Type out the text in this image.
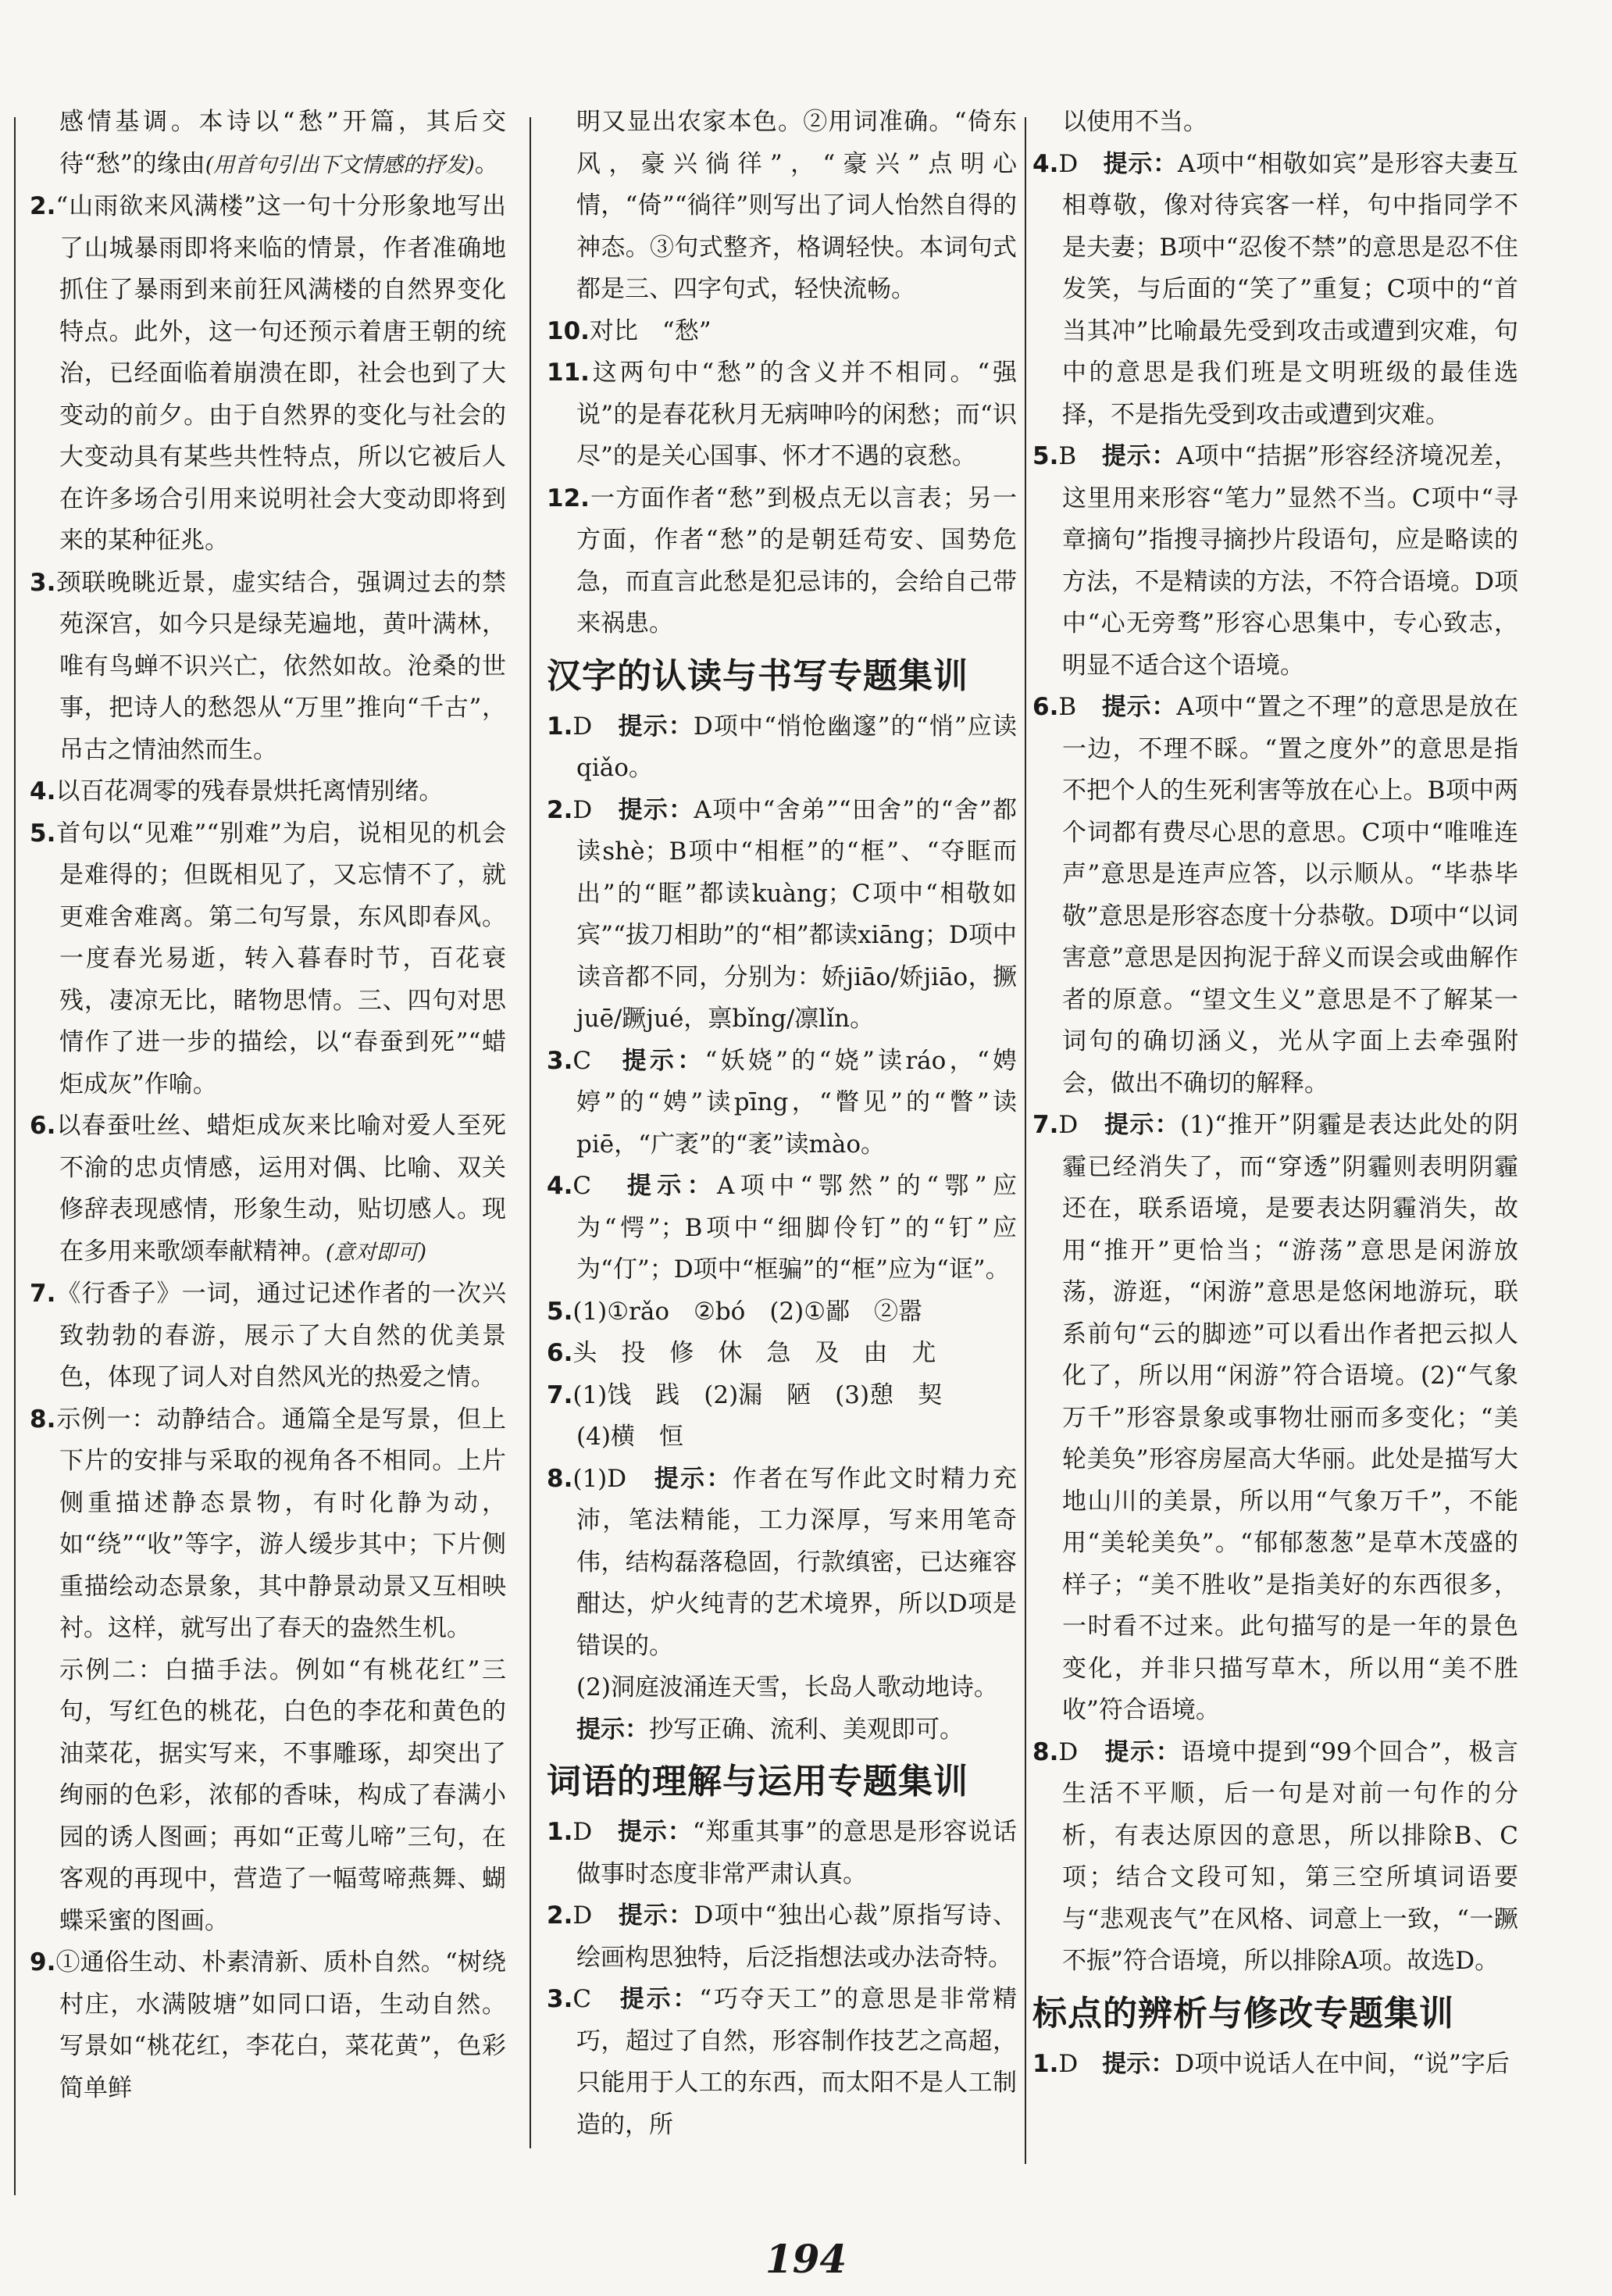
感情基调。本诗以“愁”开篇，其后交待“愁”的缘由(用首句引出下文情感的抒发)。

2.“山雨欲来风满楼”这一句十分形象地写出了山城暴雨即将来临的情景，作者准确地抓住了暴雨到来前狂风满楼的自然界变化特点。此外，这一句还预示着唐王朝的统治，已经面临着崩溃在即，社会也到了大变动的前夕。由于自然界的变化与社会的大变动具有某些共性特点，所以它被后人在许多场合引用来说明社会大变动即将到来的某种征兆。

3.颈联晚眺近景，虚实结合，强调过去的禁苑深宫，如今只是绿芜遍地，黄叶满林，唯有鸟蝉不识兴亡，依然如故。沧桑的世事，把诗人的愁怨从“万里”推向“千古”，吊古之情油然而生。

4.以百花凋零的残春景烘托离情别绪。

5.首句以“见难”“别难”为启，说相见的机会是难得的；但既相见了，又忘情不了，就更难舍难离。第二句写景，东风即春风。一度春光易逝，转入暮春时节，百花衰残，凄凉无比，睹物思情。三、四句对思情作了进一步的描绘，以“春蚕到死”“蜡炬成灰”作喻。

6.以春蚕吐丝、蜡炬成灰来比喻对爱人至死不渝的忠贞情感，运用对偶、比喻、双关修辞表现感情，形象生动，贴切感人。现在多用来歌颂奉献精神。(意对即可)

7.《行香子》一词，通过记述作者的一次兴致勃勃的春游，展示了大自然的优美景色，体现了词人对自然风光的热爱之情。

8.示例一：动静结合。通篇全是写景，但上下片的安排与采取的视角各不相同。上片侧重描述静态景物，有时化静为动，如“绕”“收”等字，游人缓步其中；下片侧重描绘动态景象，其中静景动景又互相映衬。这样，就写出了春天的盎然生机。

示例二：白描手法。例如“有桃花红”三句，写红色的桃花，白色的李花和黄色的油菜花，据实写来，不事雕琢，却突出了绚丽的色彩，浓郁的香味，构成了春满小园的诱人图画；再如“正莺儿啼”三句，在客观的再现中，营造了一幅莺啼燕舞、蝴蝶采蜜的图画。

9.①通俗生动、朴素清新、质朴自然。“树绕村庄，水满陂塘”如同口语，生动自然。写景如“桃花红，李花白，菜花黄”，色彩简单鲜

明又显出农家本色。②用词准确。“倚东风，豪兴徜徉”，“豪兴”点明心情，“倚”“徜徉”则写出了词人怡然自得的神态。③句式整齐，格调轻快。本词句式都是三、四字句式，轻快流畅。

10.对比　“愁”

11.这两句中“愁”的含义并不相同。“强说”的是春花秋月无病呻吟的闲愁；而“识尽”的是关心国事、怀才不遇的哀愁。

12.一方面作者“愁”到极点无以言表；另一方面，作者“愁”的是朝廷苟安、国势危急，而直言此愁是犯忌讳的，会给自己带来祸患。

汉字的认读与书写专题集训

1.D　 提示：D项中“悄怆幽邃”的“悄”应读qiǎo。

2.D　 提示：A项中“舍弟”“田舍”的“舍”都读shè；B项中“相框”的“框”、“夺眶而出”的“眶”都读kuàng；C项中“相敬如宾”“拔刀相助”的“相”都读xiāng；D项中读音都不同，分别为：娇jiāo/娇jiāo，撅juē/蹶jué，禀bǐng/凛lǐn。

3.C　 提示：“妖娆”的“娆”读ráo，“娉婷”的“娉”读pīng，“瞥见”的“瞥”读piē，“广袤”的“袤”读mào。

4.C　 提示：A项中“鄂然”的“鄂”应为“愕”；B项中“细脚伶钉”的“钉”应为“仃”；D项中“框骗”的“框”应为“诓”。

5.(1)①rǎo　②bó　(2)①鄙　②嚣

6.头　投　修　休　急　及　由　尤

7.(1)饯　践　(2)漏　陋　(3)憩　契

(4)横　恒

8.(1)D　 提示：作者在写作此文时精力充沛，笔法精能，工力深厚，写来用笔奇伟，结构磊落稳固，行款缜密，已达雍容酣达，炉火纯青的艺术境界，所以D项是错误的。

(2)洞庭波涌连天雪，长岛人歌动地诗。

提示：抄写正确、流利、美观即可。

词语的理解与运用专题集训

1.D　 提示：“郑重其事”的意思是形容说话做事时态度非常严肃认真。

2.D　 提示：D项中“独出心裁”原指写诗、绘画构思独特，后泛指想法或办法奇特。

3.C　 提示：“巧夺天工”的意思是非常精巧，超过了自然，形容制作技艺之高超，只能用于人工的东西，而太阳不是人工制造的，所

以使用不当。

4.D　 提示：A项中“相敬如宾”是形容夫妻互相尊敬，像对待宾客一样，句中指同学不是夫妻；B项中“忍俊不禁”的意思是忍不住发笑，与后面的“笑了”重复；C项中的“首当其冲”比喻最先受到攻击或遭到灾难，句中的意思是我们班是文明班级的最佳选择，不是指先受到攻击或遭到灾难。

5.B　 提示：A项中“拮据”形容经济境况差，这里用来形容“笔力”显然不当。C项中“寻章摘句”指搜寻摘抄片段语句，应是略读的方法，不是精读的方法，不符合语境。D项中“心无旁骛”形容心思集中，专心致志，明显不适合这个语境。

6.B　 提示：A项中“置之不理”的意思是放在一边，不理不睬。“置之度外”的意思是指不把个人的生死利害等放在心上。B项中两个词都有费尽心思的意思。C项中“唯唯连声”意思是连声应答，以示顺从。“毕恭毕敬”意思是形容态度十分恭敬。D项中“以词害意”意思是因拘泥于辞义而误会或曲解作者的原意。“望文生义”意思是不了解某一词句的确切涵义，光从字面上去牵强附会，做出不确切的解释。

7.D　 提示：(1)“推开”阴霾是表达此处的阴霾已经消失了，而“穿透”阴霾则表明阴霾还在，联系语境，是要表达阴霾消失，故用“推开”更恰当；“游荡”意思是闲游放荡，游逛，“闲游”意思是悠闲地游玩，联系前句“云的脚迹”可以看出作者把云拟人化了，所以用“闲游”符合语境。(2)“气象万千”形容景象或事物壮丽而多变化；“美轮美奂”形容房屋高大华丽。此处是描写大地山川的美景，所以用“气象万千”，不能用“美轮美奂”。“郁郁葱葱”是草木茂盛的样子；“美不胜收”是指美好的东西很多，一时看不过来。此句描写的是一年的景色变化，并非只描写草木，所以用“美不胜收”符合语境。

8.D　 提示：语境中提到“99个回合”，极言生活不平顺，后一句是对前一句作的分析，有表达原因的意思，所以排除B、C项；结合文段可知，第三空所填词语要与“悲观丧气”在风格、词意上一致，“一蹶不振”符合语境，所以排除A项。故选D。

标点的辨析与修改专题集训

1.D　 提示：D项中说话人在中间，“说”字后

194
